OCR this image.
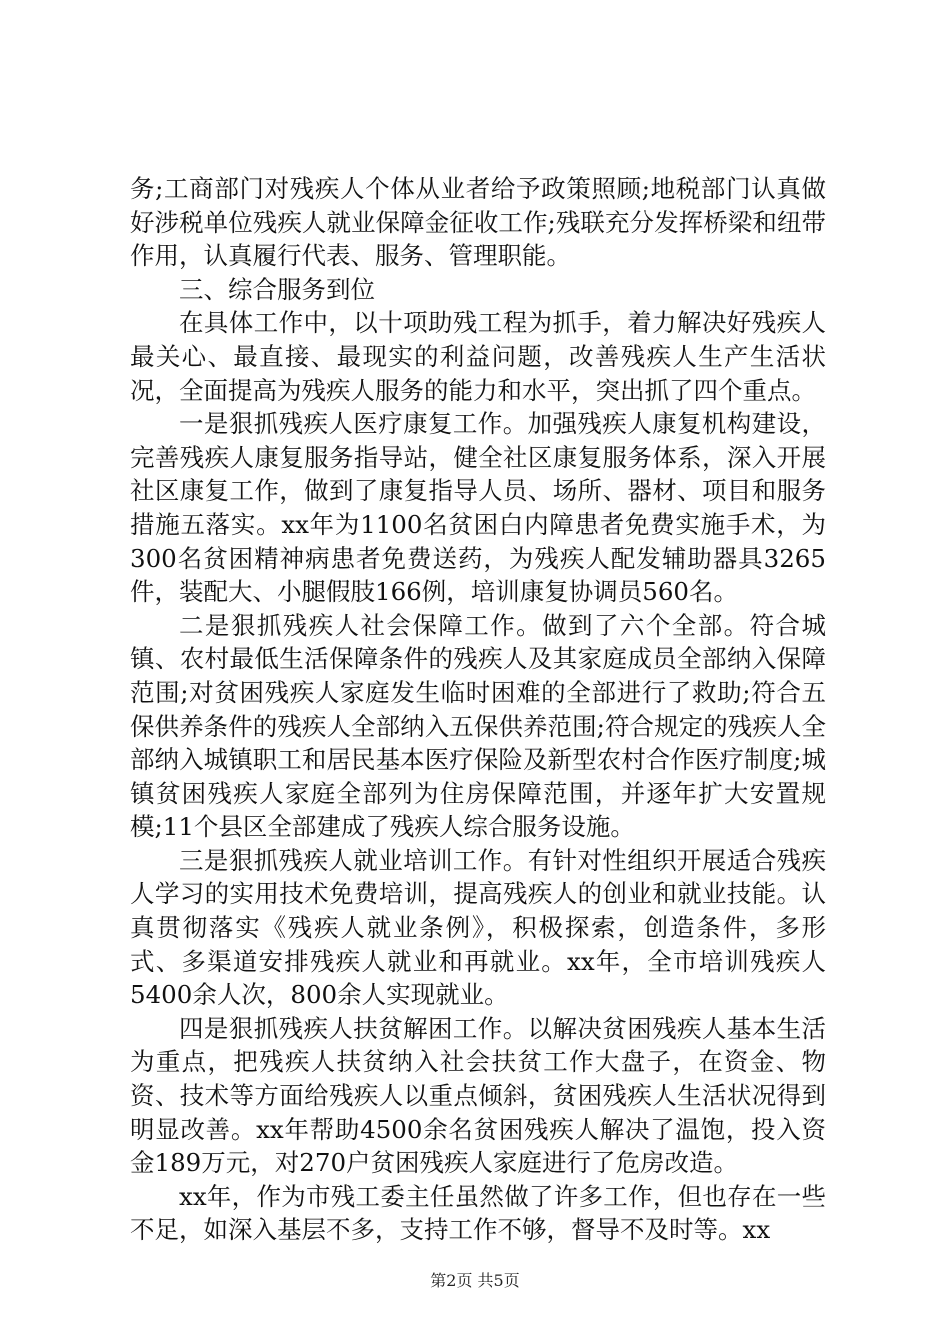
务;工商部门对残疾人个体从业者给予政策照顾;地税部门认真做好涉税单位残疾人就业保障金征收工作;残联充分发挥桥梁和纽带作用，认真履行代表、服务、管理职能。

三、综合服务到位

在具体工作中，以十项助残工程为抓手，着力解决好残疾人最关心、最直接、最现实的利益问题，改善残疾人生产生活状况，全面提高为残疾人服务的能力和水平，突出抓了四个重点。

一是狠抓残疾人医疗康复工作。加强残疾人康复机构建设，完善残疾人康复服务指导站，健全社区康复服务体系，深入开展社区康复工作，做到了康复指导人员、场所、器材、项目和服务措施五落实。xx年为1100名贫困白内障患者免费实施手术，为300名贫困精神病患者免费送药，为残疾人配发辅助器具3265件，装配大、小腿假肢166例，培训康复协调员560名。

二是狠抓残疾人社会保障工作。做到了六个全部。符合城镇、农村最低生活保障条件的残疾人及其家庭成员全部纳入保障范围;对贫困残疾人家庭发生临时困难的全部进行了救助;符合五保供养条件的残疾人全部纳入五保供养范围;符合规定的残疾人全部纳入城镇职工和居民基本医疗保险及新型农村合作医疗制度;城镇贫困残疾人家庭全部列为住房保障范围，并逐年扩大安置规模;11个县区全部建成了残疾人综合服务设施。

三是狠抓残疾人就业培训工作。有针对性组织开展适合残疾人学习的实用技术免费培训，提高残疾人的创业和就业技能。认真贯彻落实《残疾人就业条例》，积极探索，创造条件，多形式、多渠道安排残疾人就业和再就业。xx年，全市培训残疾人5400余人次，800余人实现就业。

四是狠抓残疾人扶贫解困工作。以解决贫困残疾人基本生活为重点，把残疾人扶贫纳入社会扶贫工作大盘子，在资金、物资、技术等方面给残疾人以重点倾斜，贫困残疾人生活状况得到明显改善。xx年帮助4500余名贫困残疾人解决了温饱，投入资金189万元，对270户贫困残疾人家庭进行了危房改造。

xx年，作为市残工委主任虽然做了许多工作，但也存在一些不足，如深入基层不多，支持工作不够，督导不及时等。xx

第2页 共5页
